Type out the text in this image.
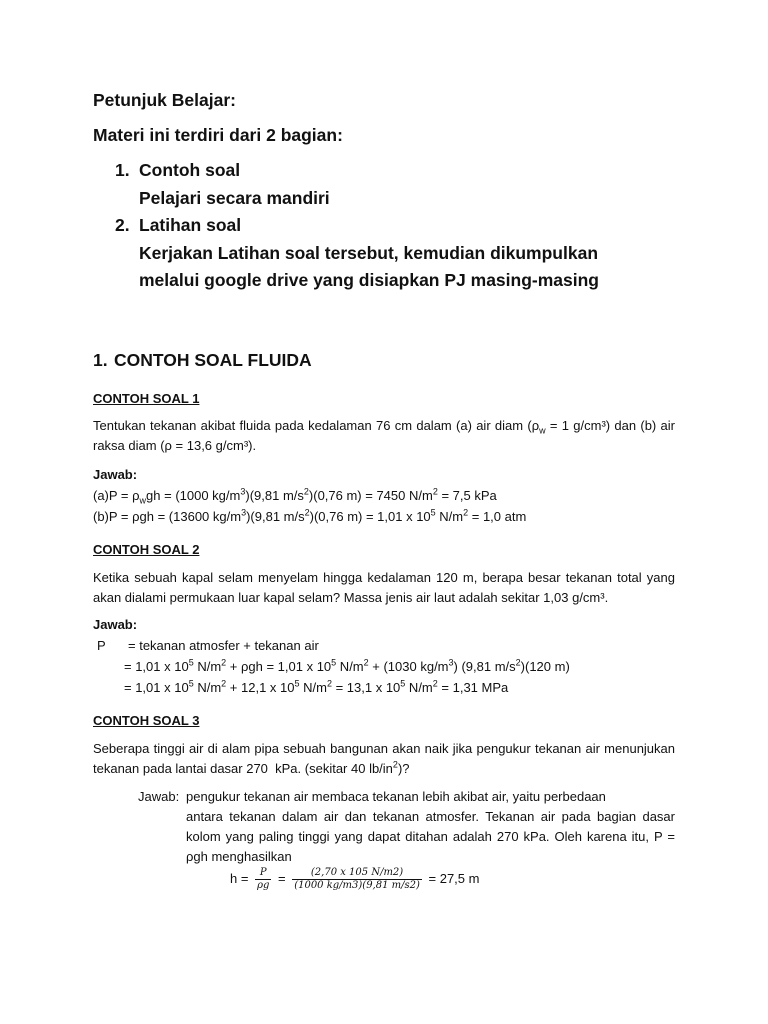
Petunjuk Belajar:
Materi ini terdiri dari 2 bagian:
1. Contoh soal
Pelajari secara mandiri
2. Latihan soal
Kerjakan Latihan soal tersebut, kemudian dikumpulkan
melalui google drive yang disiapkan PJ masing-masing
1. CONTOH SOAL FLUIDA
CONTOH SOAL 1
Tentukan tekanan akibat fluida pada kedalaman 76 cm dalam (a) air diam ($\rho_w = 1$ g/cm³) dan (b) air raksa diam (ρ = 13,6 g/cm³).
Jawab:
$(a)P = \rho_wgh = (1000$ $kg/m^3)(9,81$ $m/s^2)(0,76$ m) = 7450 $N/m^2 = 7,5$ kPa
(b)P = ρgh = (13600 $kg/m^3)(9,81$ $m/s^2)(0,76$ m) = 1,01 x $10^5$ $N/m^2 = 1,0$ atm
CONTOH SOAL 2
Ketika sebuah kapal selam menyelam hingga kedalaman 120 m, berapa besar tekanan total yang akan dialami permukaan luar kapal selam? Massa jenis air laut adalah sekitar 1,03 g/cm³.
Jawab:
P = tekanan atmosfer + tekanan air
= 1,01 x $10^5$ $N/m^2 + \rho gh = 1,01$ x $10^5$ $N/m^2 + (1030$ $kg/m^3$) (9,81 $m/s^2)(120$ m)
= 1,01 x $10^5$ $N/m^2 + 12,1$ x $10^5$ $N/m^2 = 13,1$ x $10^5$ $N/m^2 = 1,31$ MPa
CONTOH SOAL 3
Seberapa tinggi air di alam pipa sebuah bangunan akan naik jika pengukur tekanan air menunjukan tekanan pada lantai dasar 270  kPa. (sekitar 40 $lb/in^2$)?
Jawab: pengukur tekanan air membaca tekanan lebih akibat air, yaitu perbedaan
antara tekanan dalam air dan tekanan atmosfer. Tekanan air pada bagian dasar kolom yang paling tinggi yang dapat ditahan adalah 270 kPa. Oleh karena itu, P = ρgh menghasilkan
$h = \frac{P}{\rho g} = \frac{(2,70 x 105 N/m2)}{(1000 kg/m3)(9,81 m/s2)} = 27,5$ m
